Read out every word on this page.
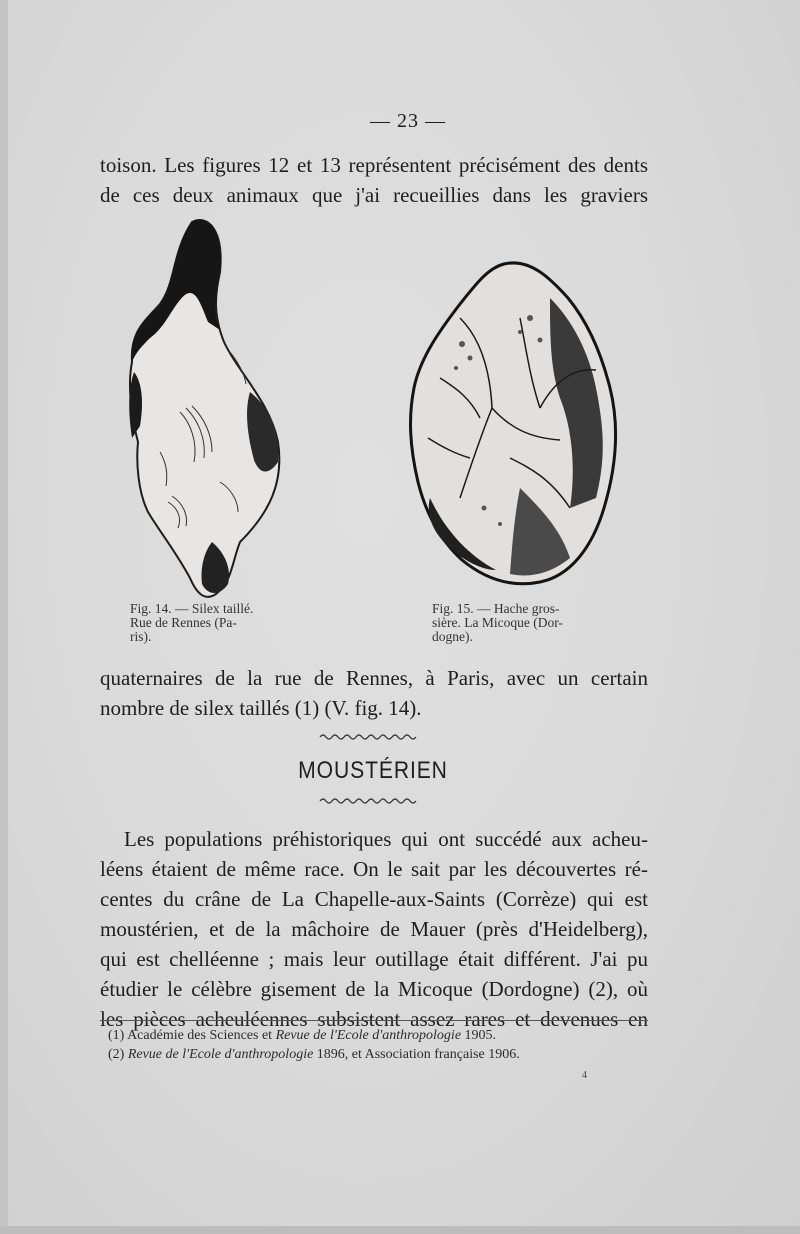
— 23 —
toison. Les figures 12 et 13 représentent précisément des dents
de ces deux animaux que j'ai recueillies dans les graviers
Fig. 14. — Silex taillé.
Rue de Rennes (Pa-
ris).
Fig. 15. — Hache gros-
sière. La Micoque (Dor-
dogne).
quaternaires de la rue de Rennes, à Paris, avec un certain
nombre de silex taillés (1) (V. fig. 14).
MOUSTÉRIEN
Les populations préhistoriques qui ont succédé aux acheu-
léens étaient de même race. On le sait par les découvertes ré-
centes du crâne de La Chapelle-aux-Saints (Corrèze) qui est
moustérien, et de la mâchoire de Mauer (près d'Heidelberg),
qui est chelléenne ; mais leur outillage était différent. J'ai pu
étudier le célèbre gisement de la Micoque (Dordogne) (2), où
les pièces acheuléennes subsistent assez rares et devenues en
(1) Académie des Sciences et Revue de l'Ecole d'anthropologie 1905.
(2) Revue de l'Ecole d'anthropologie 1896, et Association française 1906.
4
